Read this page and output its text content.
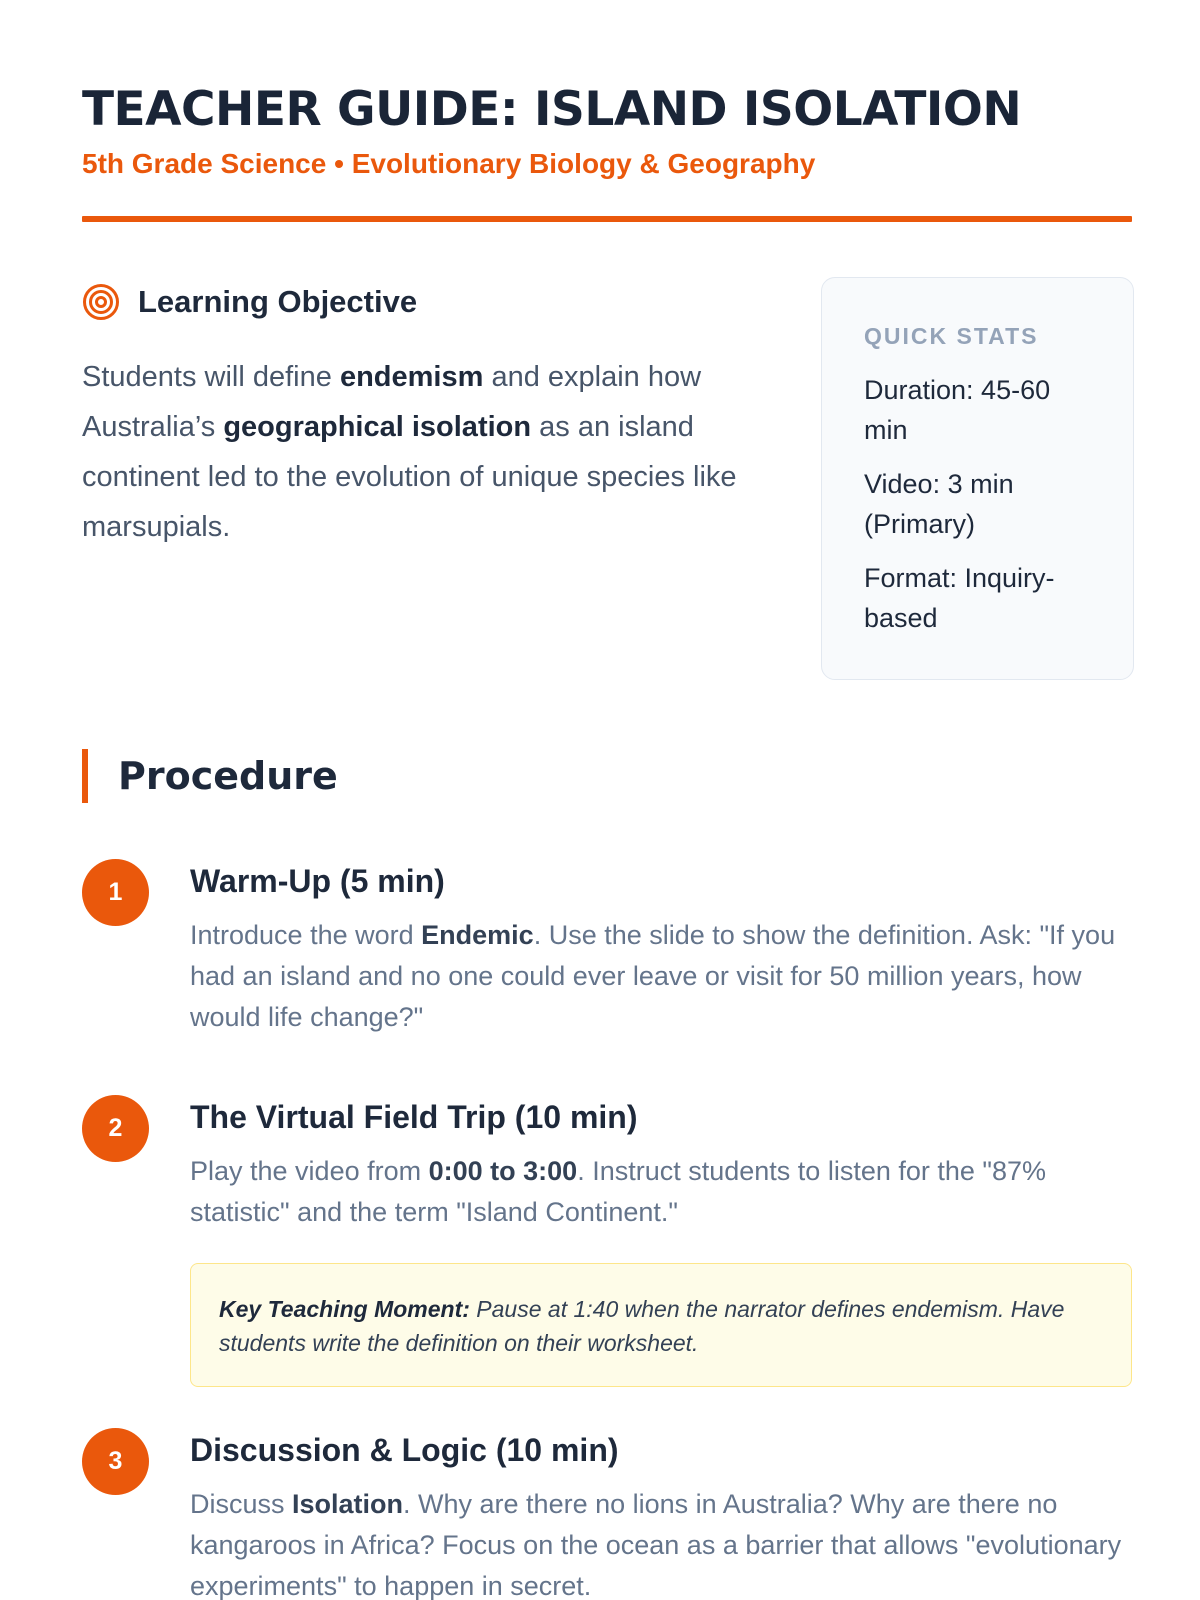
TEACHER GUIDE: ISLAND ISOLATION
5th Grade Science • Evolutionary Biology & Geography
Learning Objective

Students will define endemism and explain how Australia’s geographical isolation as an island continent led to the evolution of unique species like marsupials.

QUICK STATS
Duration: 45-60 min
Video: 3 min (Primary)
Format: Inquiry-based
Procedure
1	Warm-Up (5 min)

Introduce the word Endemic. Use the slide to show the definition. Ask: "If you had an island and no one could ever leave or visit for 50 million years, how would life change?"

2	The Virtual Field Trip (10 min)

Play the video from 0:00 to 3:00. Instruct students to listen for the "87% statistic" and the term "Island Continent."

Key Teaching Moment: Pause at 1:40 when the narrator defines endemism. Have students write the definition on their worksheet.
3	Discussion & Logic (10 min)

Discuss Isolation. Why are there no lions in Australia? Why are there no kangaroos in Africa? Focus on the ocean as a barrier that allows "evolutionary experiments" to happen in secret.
